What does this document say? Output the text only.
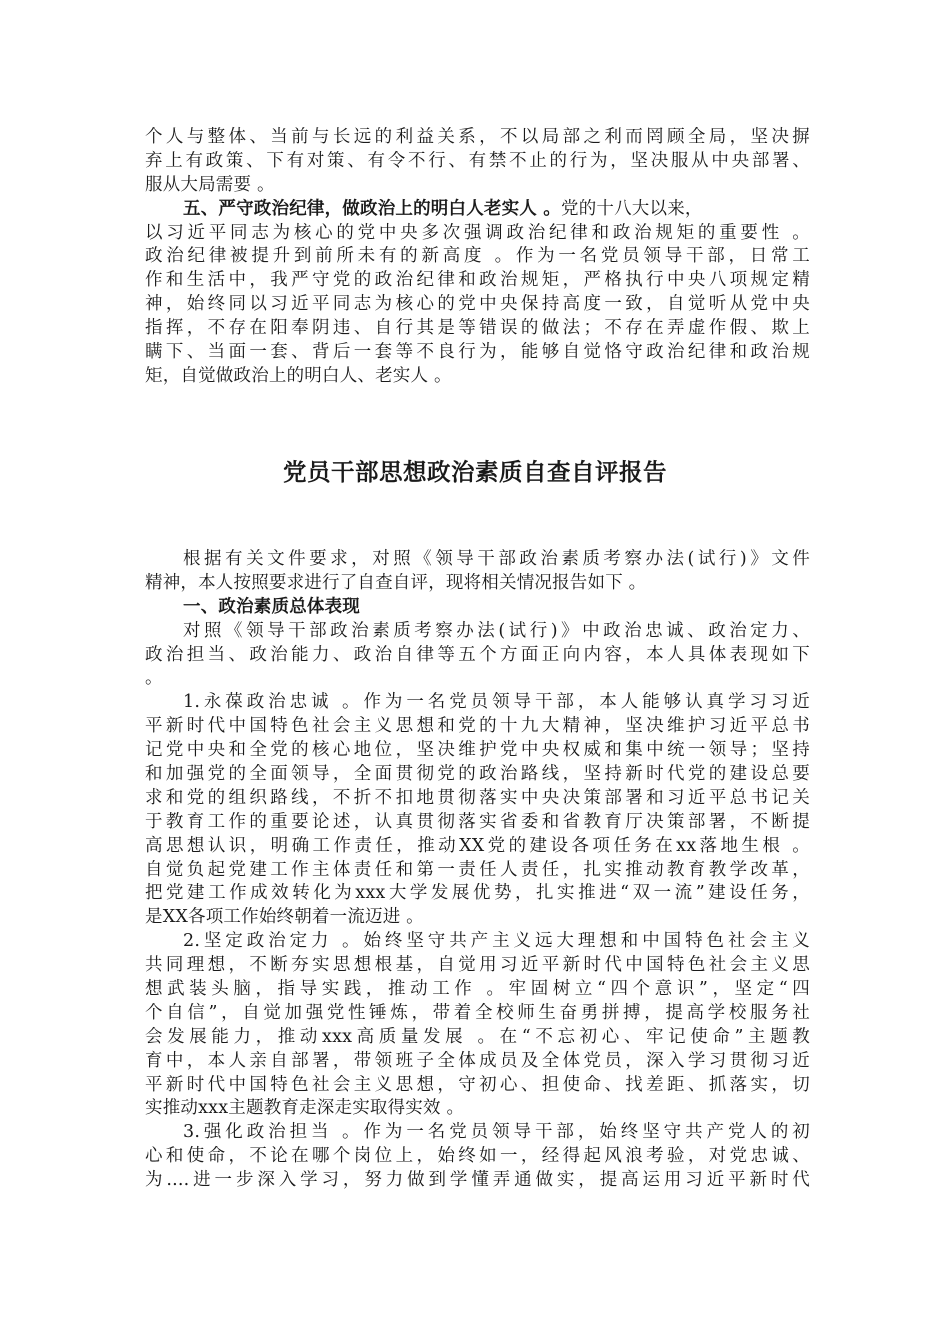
个人与整体、当前与长远的利益关系，不以局部之利而罔顾全局，坚决摒
弃上有政策、下有对策、有令不行、有禁不止的行为，坚决服从中央部署、
服从大局需要 。
五、严守政治纪律，做政治上的明白人老实人 。党的十八大以来，
以习近平同志为核心的党中央多次强调政治纪律和政治规矩的重要性 。
政治纪律被提升到前所未有的新高度 。作为一名党员领导干部，日常工
作和生活中，我严守党的政治纪律和政治规矩，严格执行中央八项规定精
神，始终同以习近平同志为核心的党中央保持高度一致，自觉听从党中央
指挥，不存在阳奉阴违、自行其是等错误的做法；不存在弄虚作假、欺上
瞒下、当面一套、背后一套等不良行为，能够自觉恪守政治纪律和政治规
矩，自觉做政治上的明白人、老实人 。
党员干部思想政治素质自查自评报告
根据有关文件要求，对照《领导干部政治素质考察办法(试行)》文件
精神，本人按照要求进行了自查自评，现将相关情况报告如下 。
一、政治素质总体表现
对照《领导干部政治素质考察办法(试行)》中政治忠诚、政治定力、
政治担当、政治能力、政治自律等五个方面正向内容，本人具体表现如下
。
1.永葆政治忠诚 。作为一名党员领导干部，本人能够认真学习习近
平新时代中国特色社会主义思想和党的十九大精神，坚决维护习近平总书
记党中央和全党的核心地位，坚决维护党中央权威和集中统一领导；坚持
和加强党的全面领导，全面贯彻党的政治路线，坚持新时代党的建设总要
求和党的组织路线，不折不扣地贯彻落实中央决策部署和习近平总书记关
于教育工作的重要论述，认真贯彻落实省委和省教育厅决策部署，不断提
高思想认识，明确工作责任，推动XX党的建设各项任务在xx落地生根 。
自觉负起党建工作主体责任和第一责任人责任，扎实推动教育教学改革，
把党建工作成效转化为xxx大学发展优势，扎实推进“双一流”建设任务，
是XX各项工作始终朝着一流迈进 。
2.坚定政治定力 。始终坚守共产主义远大理想和中国特色社会主义
共同理想，不断夯实思想根基，自觉用习近平新时代中国特色社会主义思
想武装头脑，指导实践，推动工作 。牢固树立“四个意识”，坚定“四
个自信”，自觉加强党性锤炼，带着全校师生奋勇拼搏，提高学校服务社
会发展能力，推动xxx高质量发展 。在“不忘初心、牢记使命”主题教
育中，本人亲自部署，带领班子全体成员及全体党员，深入学习贯彻习近
平新时代中国特色社会主义思想，守初心、担使命、找差距、抓落实，切
实推动xxx主题教育走深走实取得实效 。
3.强化政治担当 。作为一名党员领导干部，始终坚守共产党人的初
心和使命，不论在哪个岗位上，始终如一，经得起风浪考验，对党忠诚、
为....进一步深入学习，努力做到学懂弄通做实，提高运用习近平新时代
